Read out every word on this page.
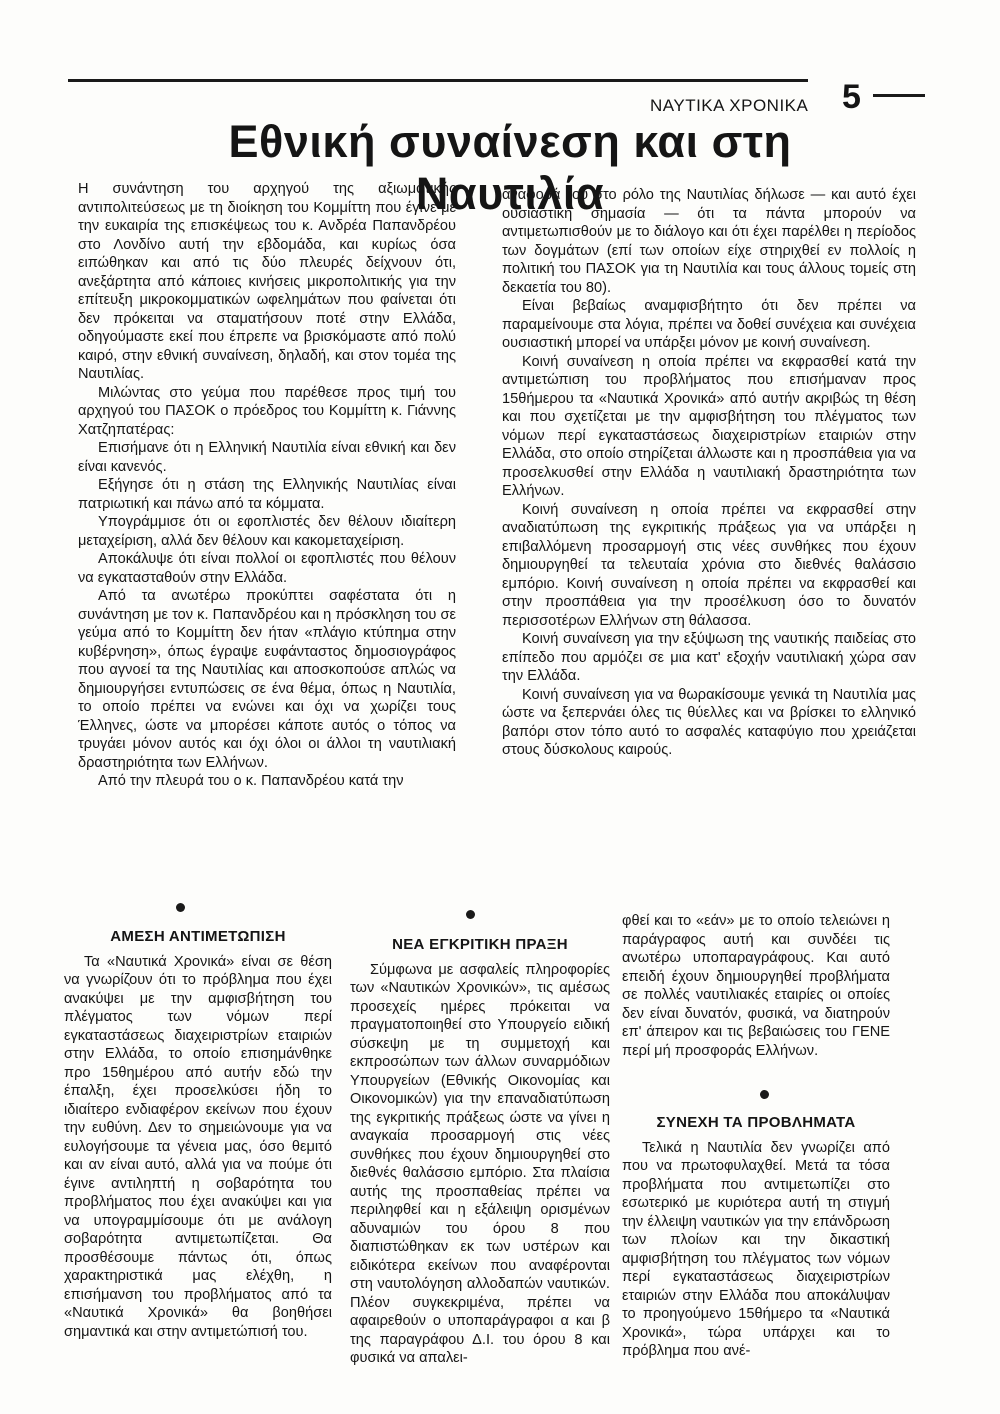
ΝΑΥΤΙΚΑ ΧΡΟΝΙΚΑ 5
Εθνική συναίνεση και στη Ναυτιλία

Η συνάντηση του αρχηγού της αξιωματικής αντιπολιτεύσεως με τη διοίκηση του Κομμίττη που έγινε με την ευκαιρία της επισκέψεως του κ. Ανδρέα Παπανδρέου στο Λονδίνο αυτή την εβδομάδα, και κυρίως όσα ειπώθηκαν και από τις δύο πλευρές δείχνουν ότι, ανεξάρτητα από κάποιες κινήσεις μικροπολιτικής για την επίτευξη μικροκομματικών ωφελημάτων που φαίνεται ότι δεν πρόκειται να σταματήσουν ποτέ στην Ελλάδα, οδηγούμαστε εκεί που έπρεπε να βρισκόμαστε από πολύ καιρό, στην εθνική συναίνεση, δηλαδή, και στον τομέα της Ναυτιλίας.

Μιλώντας στο γεύμα που παρέθεσε προς τιμή του αρχηγού του ΠΑΣΟΚ ο πρόεδρος του Κομμίττη κ. Γιάννης Χατζηπατέρας:

Επισήμανε ότι η Ελληνική Ναυτιλία είναι εθνική και δεν είναι κανενός.

Εξήγησε ότι η στάση της Ελληνικής Ναυτιλίας είναι πατριωτική και πάνω από τα κόμματα.

Υπογράμμισε ότι οι εφοπλιστές δεν θέλουν ιδιαίτερη μεταχείριση, αλλά δεν θέλουν και κακομεταχείριση.

Αποκάλυψε ότι είναι πολλοί οι εφοπλιστές που θέλουν να εγκατασταθούν στην Ελλάδα.

Από τα ανωτέρω προκύπτει σαφέστατα ότι η συνάντηση με τον κ. Παπανδρέου και η πρόσκληση του σε γεύμα από το Κομμίττη δεν ήταν «πλάγιο κτύπημα στην κυβέρνηση», όπως έγραψε ευφάνταστος δημοσιογράφος που αγνοεί τα της Ναυτιλίας και αποσκοπούσε απλώς να δημιουργήσει εντυπώσεις σε ένα θέμα, όπως η Ναυτιλία, το οποίο πρέπει να ενώνει και όχι να χωρίζει τους Έλληνες, ώστε να μπορέσει κάποτε αυτός ο τόπος να τρυγάει μόνον αυτός και όχι όλοι οι άλλοι τη ναυτιλιακή δραστηριότητα των Ελλήνων.

Από την πλευρά του ο κ. Παπανδρέου κατά την

αναφορά του στο ρόλο της Ναυτιλίας δήλωσε — και αυτό έχει ουσιαστική σημασία — ότι τα πάντα μπορούν να αντιμετωπισθούν με το διάλογο και ότι έχει παρέλθει η περίοδος των δογμάτων (επί των οποίων είχε στηριχθεί εν πολλοίς η πολιτική του ΠΑΣΟΚ για τη Ναυτιλία και τους άλλους τομείς στη δεκαετία του 80).

Είναι βεβαίως αναμφισβήτητο ότι δεν πρέπει να παραμείνουμε στα λόγια, πρέπει να δοθεί συνέχεια και συνέχεια ουσιαστική μπορεί να υπάρξει μόνον με κοινή συναίνεση.

Κοινή συναίνεση η οποία πρέπει να εκφρασθεί κατά την αντιμετώπιση του προβλήματος που επισήμαναν προς 15θήμερου τα «Ναυτικά Χρονικά» από αυτήν ακριβώς τη θέση και που σχετίζεται με την αμφισβήτηση του πλέγματος των νόμων περί εγκαταστάσεως διαχειριστρίων εταιριών στην Ελλάδα, στο οποίο στηρίζεται άλλωστε και η προσπάθεια για να προσελκυσθεί στην Ελλάδα η ναυτιλιακή δραστηριότητα των Ελλήνων.

Κοινή συναίνεση η οποία πρέπει να εκφρασθεί στην αναδιατύπωση της εγκριτικής πράξεως για να υπάρξει η επιβαλλόμενη προσαρμογή στις νέες συνθήκες που έχουν δημιουργηθεί τα τελευταία χρόνια στο διεθνές θαλάσσιο εμπόριο. Κοινή συναίνεση η οποία πρέπει να εκφρασθεί και στην προσπάθεια για την προσέλκυση όσο το δυνατόν περισσοτέρων Ελλήνων στη θάλασσα.

Κοινή συναίνεση για την εξύψωση της ναυτικής παιδείας στο επίπεδο που αρμόζει σε μια κατ' εξοχήν ναυτιλιακή χώρα σαν την Ελλάδα.

Κοινή συναίνεση για να θωρακίσουμε γενικά τη Ναυτιλία μας ώστε να ξεπερνάει όλες τις θύελλες και να βρίσκει το ελληνικό βαπόρι στον τόπο αυτό το ασφαλές καταφύγιο που χρειάζεται στους δύσκολους καιρούς.

ΑΜΕΣΗ ΑΝΤΙΜΕΤΩΠΙΣΗ

Τα «Ναυτικά Χρονικά» είναι σε θέση να γνωρίζουν ότι το πρόβλημα που έχει ανακύψει με την αμφισβήτηση του πλέγματος των νόμων περί εγκαταστάσεως διαχειριστρίων εταιριών στην Ελλάδα, το οποίο επισημάνθηκε προ 15θημέρου από αυτήν εδώ την έπαλξη, έχει προσελκύσει ήδη το ιδιαίτερο ενδιαφέρον εκείνων που έχουν την ευθύνη. Δεν το σημειώνουμε για να ευλογήσουμε τα γένεια μας, όσο θεμιτό και αν είναι αυτό, αλλά για να πούμε ότι έγινε αντιληπτή η σοβαρότητα του προβλήματος που έχει ανακύψει και για να υπογραμμίσουμε ότι με ανάλογη σοβαρότητα αντιμετωπίζεται. Θα προσθέσουμε πάντως ότι, όπως χαρακτηριστικά μας ελέχθη, η επισήμανση του προβλήματος από τα «Ναυτικά Χρονικά» θα βοηθήσει σημαντικά και στην αντιμετώπισή του.

ΝΕΑ ΕΓΚΡΙΤΙΚΗ ΠΡΑΞΗ

Σύμφωνα με ασφαλείς πληροφορίες των «Ναυτικών Χρονικών», τις αμέσως προσεχείς ημέρες πρόκειται να πραγματοποιηθεί στο Υπουργείο ειδική σύσκεψη με τη συμμετοχή και εκπροσώπων των άλλων συναρμόδιων Υπουργείων (Εθνικής Οικονομίας και Οικονομικών) για την επαναδιατύπωση της εγκριτικής πράξεως ώστε να γίνει η αναγκαία προσαρμογή στις νέες συνθήκες που έχουν δημιουργηθεί στο διεθνές θαλάσσιο εμπόριο. Στα πλαίσια αυτής της προσπαθείας πρέπει να περιληφθεί και η εξάλειψη ορισμένων αδυναμιών του όρου 8 που διαπιστώθηκαν εκ των υστέρων και ειδικότερα εκείνων που αναφέρονται στη ναυτολόγηση αλλοδαπών ναυτικών. Πλέον συγκεκριμένα, πρέπει να αφαιρεθούν ο υποπαράγραφοι α και β της παραγράφου Δ.Ι. του όρου 8 και φυσικά να απαλει-

φθεί και το «εάν» με το οποίο τελειώνει η παράγραφος αυτή και συνδέει τις ανωτέρω υποπαραγράφους. Και αυτό επειδή έχουν δημιουργηθεί προβλήματα σε πολλές ναυτιλιακές εταιρίες οι οποίες δεν είναι δυνατόν, φυσικά, να διατηρούν επ' άπειρον και τις βεβαιώσεις του ΓΕΝΕ περί μή προσφοράς Ελλήνων.

ΣΥΝΕΧΗ ΤΑ ΠΡΟΒΛΗΜΑΤΑ

Τελικά η Ναυτιλία δεν γνωρίζει από που να πρωτοφυλαχθεί. Μετά τα τόσα προβλήματα που αντιμετωπίζει στο εσωτερικό με κυριότερα αυτή τη στιγμή την έλλειψη ναυτικών για την επάνδρωση των πλοίων και την δικαστική αμφισβήτηση του πλέγματος των νόμων περί εγκαταστάσεως διαχειριστρίων εταιριών στην Ελλάδα που αποκάλυψαν το προηγούμενο 15θήμερο τα «Ναυτικά Χρονικά», τώρα υπάρχει και το πρόβλημα που ανέ-
